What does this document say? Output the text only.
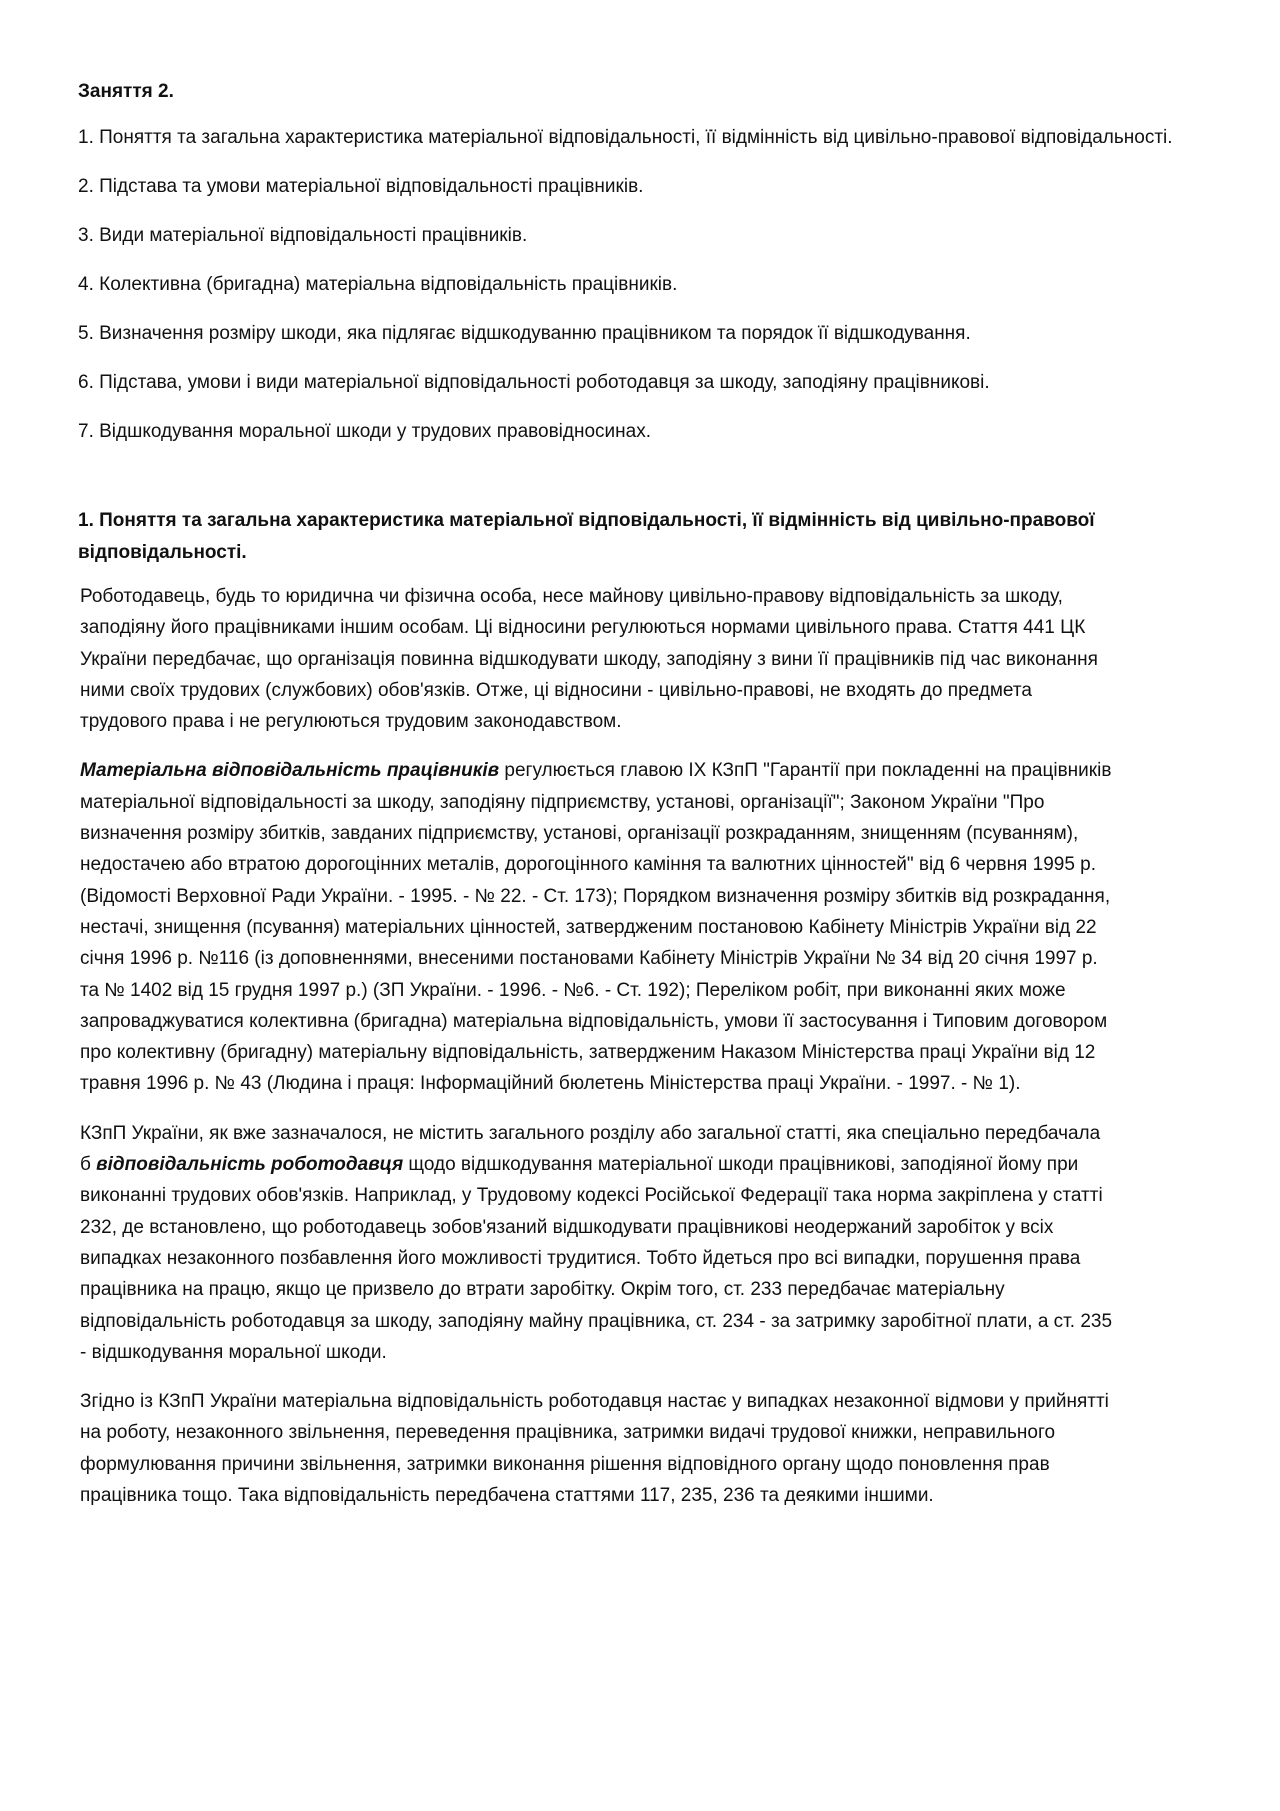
Заняття 2.

1. Поняття та загальна характеристика матеріальної відповідальності, її відмінність від цивільно-правової відповідальності.

2. Підстава та умови матеріальної відповідальності працівників.

3. Види матеріальної відповідальності працівників.

4. Колективна (бригадна) матеріальна відповідальність працівників.

5. Визначення розміру шкоди, яка підлягає відшкодуванню працівником та порядок її відшкодування.

6. Підстава, умови і види матеріальної відповідальності роботодавця за шкоду, заподіяну працівникові.

7. Відшкодування моральної шкоди у трудових правовідносинах.

1. Поняття та загальна характеристика матеріальної відповідальності, її відмінність від цивільно-правової відповідальності.

Роботодавець, будь то юридична чи фізична особа, несе майнову цивільно-правову відповідальність за шкоду, заподіяну його працівниками іншим особам. Ці відносини регулюються нормами цивільного права. Стаття 441 ЦК України передбачає, що організація повинна відшкодувати шкоду, заподіяну з вини її працівників під час виконання ними своїх трудових (службових) обов'язків. Отже, ці відносини - цивільно-правові, не входять до предмета трудового права і не регулюються трудовим законодавством.

Матеріальна відповідальність працівників регулюється главою IX КЗпП "Гарантії при покладенні на працівників матеріальної відповідальності за шкоду, заподіяну підприємству, установі, організації"; Законом України "Про визначення розміру збитків, завданих підприємству, установі, організації розкраданням, знищенням (псуванням), недостачею або втратою дорогоцінних металів, дорогоцінного каміння та валютних цінностей" від 6 червня 1995 р. (Відомості Верховної Ради України. - 1995. - № 22. - Ст. 173); Порядком визначення розміру збитків від розкрадання, нестачі, знищення (псування) матеріальних цінностей, затвердженим постановою Кабінету Міністрів України від 22 січня 1996 р. №116 (із доповненнями, внесеними постановами Кабінету Міністрів України № 34 від 20 січня 1997 р. та № 1402 від 15 грудня 1997 р.) (ЗП України. - 1996. - №6. - Ст. 192); Переліком робіт, при виконанні яких може запроваджуватися колективна (бригадна) матеріальна відповідальність, умови її застосування і Типовим договором про колективну (бригадну) матеріальну відповідальність, затвердженим Наказом Міністерства праці України від 12 травня 1996 р. № 43 (Людина і праця: Інформаційний бюлетень Міністерства праці України. - 1997. - № 1).

КЗпП України, як вже зазначалося, не містить загального розділу або загальної статті, яка спеціально передбачала б відповідальність роботодавця щодо відшкодування матеріальної шкоди працівникові, заподіяної йому при виконанні трудових обов'язків. Наприклад, у Трудовому кодексі Російської Федерації така норма закріплена у статті 232, де встановлено, що роботодавець зобов'язаний відшкодувати працівникові неодержаний заробіток у всіх випадках незаконного позбавлення його можливості трудитися. Тобто йдеться про всі випадки, порушення права працівника на працю, якщо це призвело до втрати заробітку. Окрім того, ст. 233 передбачає матеріальну відповідальність роботодавця за шкоду, заподіяну майну працівника, ст. 234 - за затримку заробітної плати, а ст. 235 - відшкодування моральної шкоди.

Згідно із КЗпП України матеріальна відповідальність роботодавця настає у випадках незаконної відмови у прийнятті на роботу, незаконного звільнення, переведення працівника, затримки видачі трудової книжки, неправильного формулювання причини звільнення, затримки виконання рішення відповідного органу щодо поновлення прав працівника тощо. Така відповідальність передбачена статтями 117, 235, 236 та деякими іншими.
